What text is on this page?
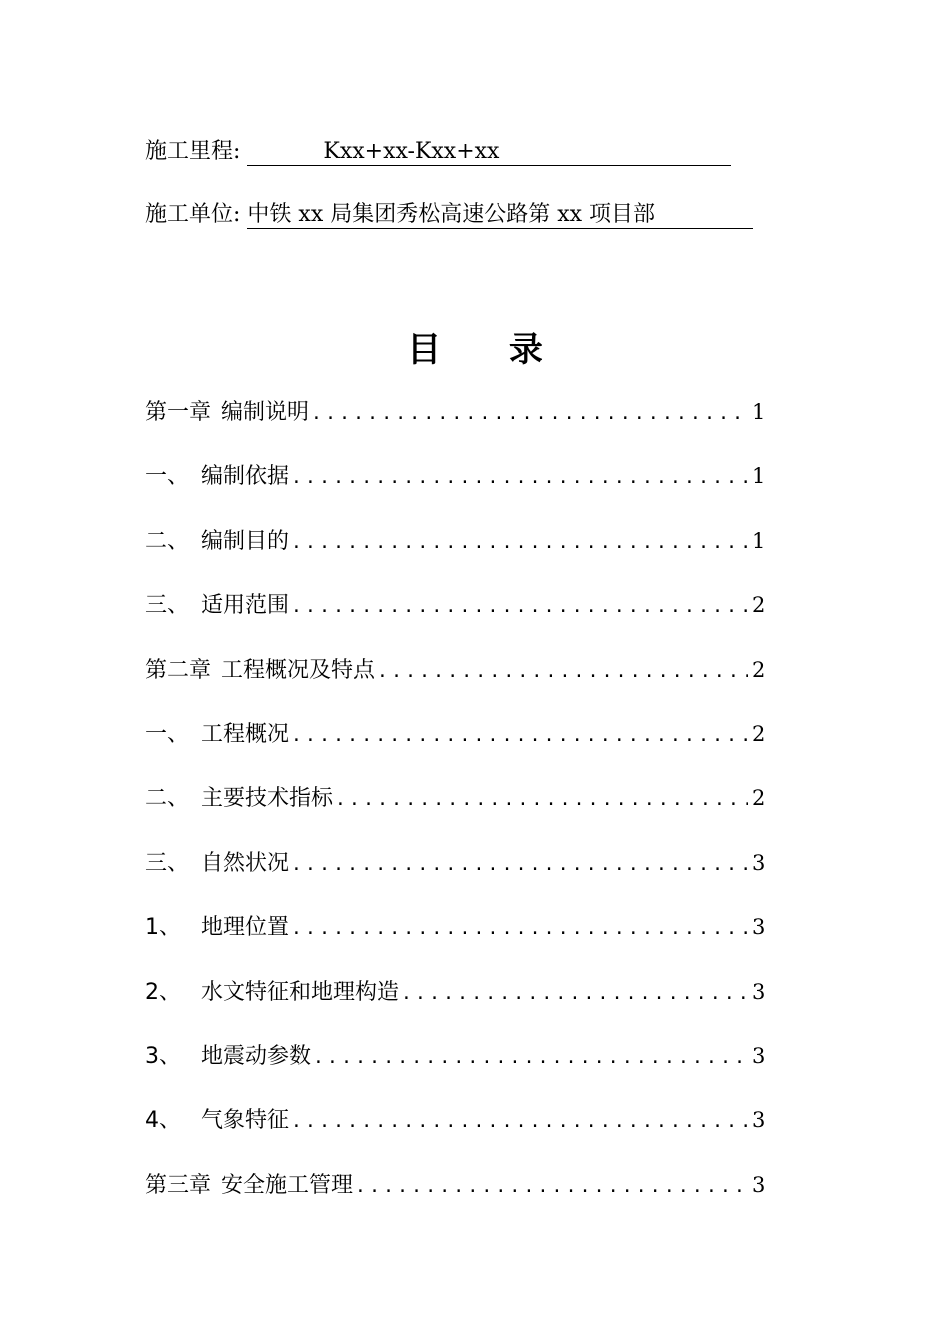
施工里程:	Kxx+xx-Kxx+xx
施工单位: 中铁 xx 局集团秀松高速公路第 xx 项目部
目 录
第一章 编制说明 .....	1
一、 编制依据 .....	1
二、 编制目的 .....	1
三、 适用范围 .....	2
第二章 工程概况及特点 .....	2
一、 工程概况 .....	2
二、 主要技术指标 .....	2
三、 自然状况 .....	3
1、 地理位置 .....	3
2、 水文特征和地理构造 .....	3
3、 地震动参数 .....	3
4、 气象特征 .....	3
第三章 安全施工管理 .....	3
